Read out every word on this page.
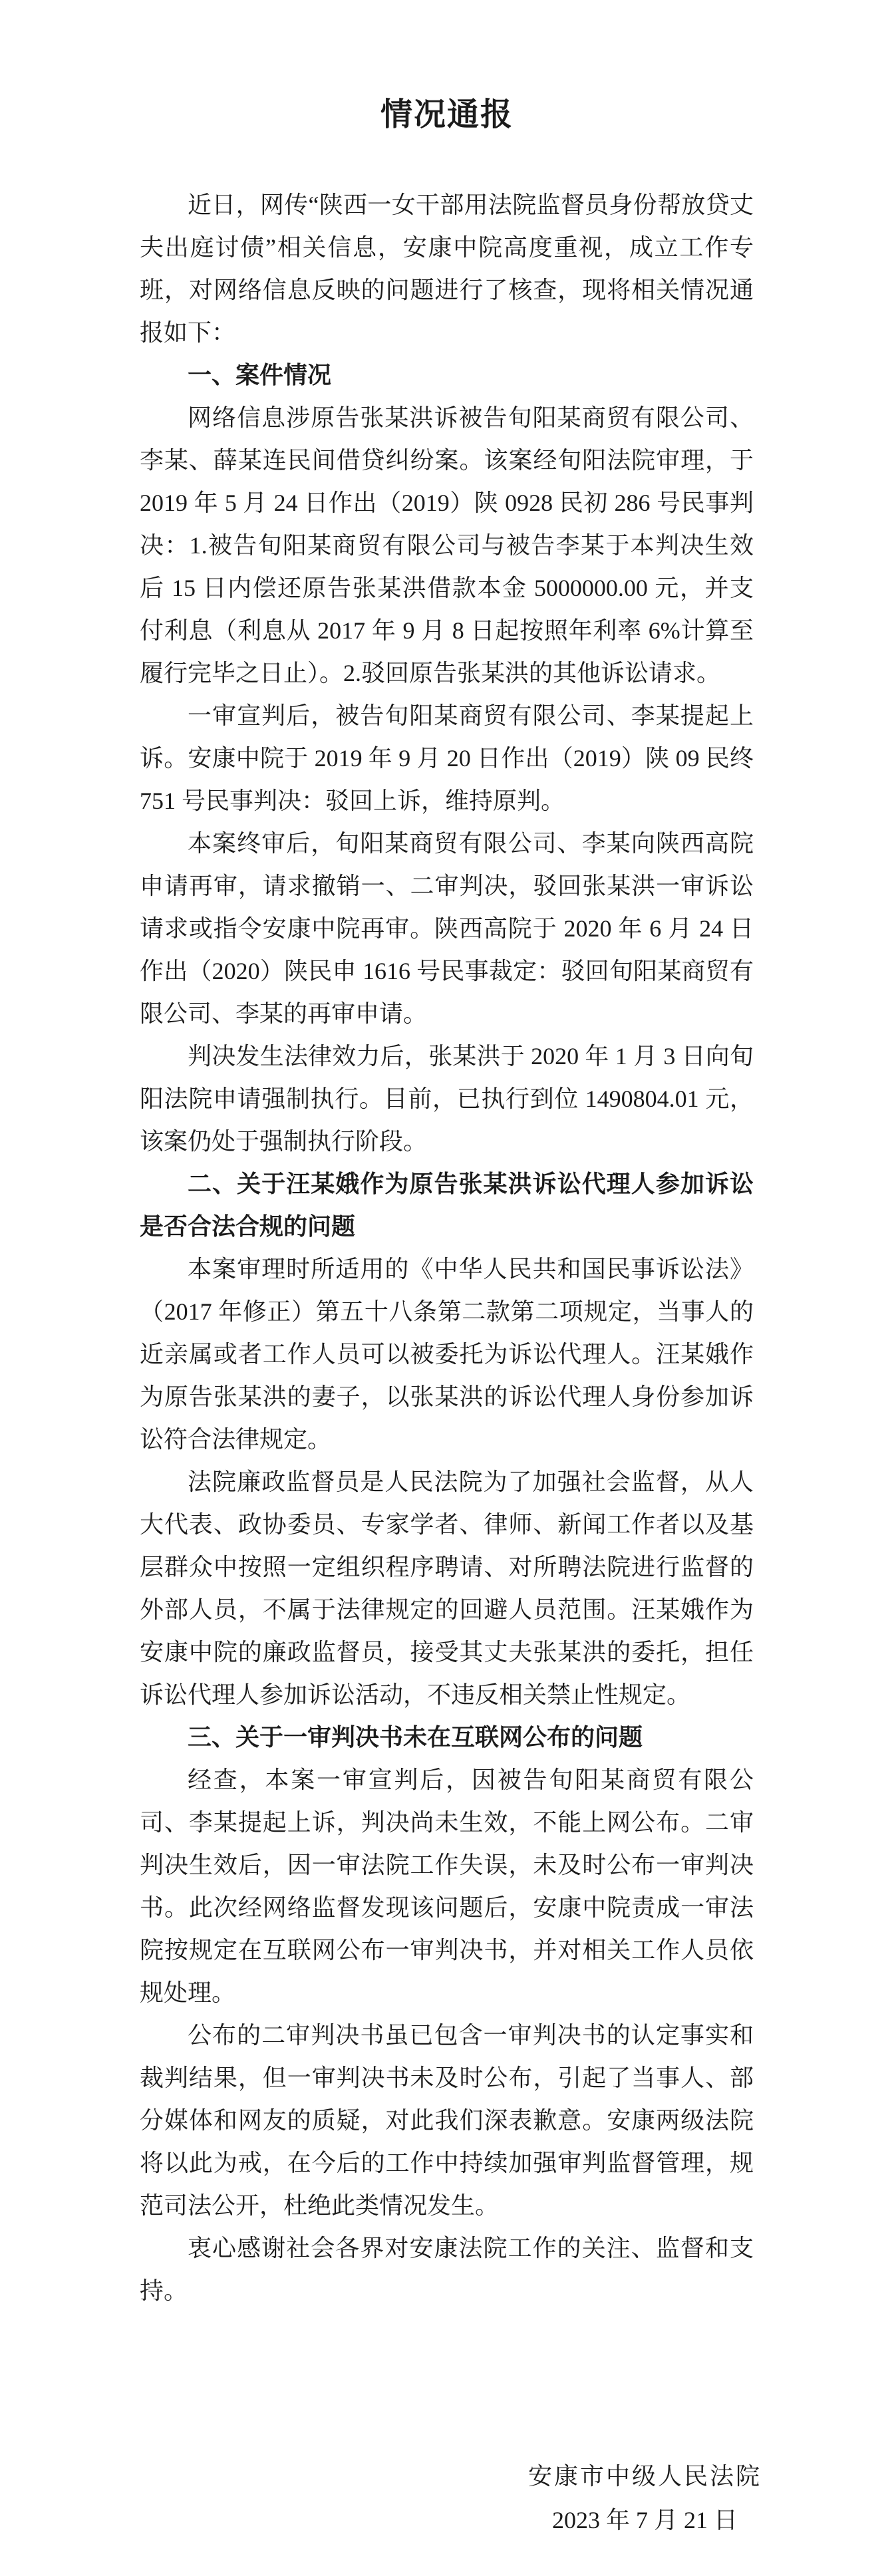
情况通报

近日，网传“陕西一女干部用法院监督员身份帮放贷丈夫出庭讨债”相关信息，安康中院高度重视，成立工作专班，对网络信息反映的问题进行了核查，现将相关情况通报如下：

一、案件情况

网络信息涉原告张某洪诉被告旬阳某商贸有限公司、李某、薛某连民间借贷纠纷案。该案经旬阳法院审理，于 2019 年 5 月 24 日作出（2019）陕 0928 民初 286 号民事判决：1.被告旬阳某商贸有限公司与被告李某于本判决生效后 15 日内偿还原告张某洪借款本金 5000000.00 元，并支付利息（利息从 2017 年 9 月 8 日起按照年利率 6%计算至履行完毕之日止）。2.驳回原告张某洪的其他诉讼请求。

一审宣判后，被告旬阳某商贸有限公司、李某提起上诉。安康中院于 2019 年 9 月 20 日作出（2019）陕 09 民终 751 号民事判决：驳回上诉，维持原判。

本案终审后，旬阳某商贸有限公司、李某向陕西高院申请再审，请求撤销一、二审判决，驳回张某洪一审诉讼请求或指令安康中院再审。陕西高院于 2020 年 6 月 24 日作出（2020）陕民申 1616 号民事裁定：驳回旬阳某商贸有限公司、李某的再审申请。

判决发生法律效力后，张某洪于 2020 年 1 月 3 日向旬阳法院申请强制执行。目前，已执行到位 1490804.01 元，该案仍处于强制执行阶段。

二、关于汪某娥作为原告张某洪诉讼代理人参加诉讼是否合法合规的问题

本案审理时所适用的《中华人民共和国民事诉讼法》（2017 年修正）第五十八条第二款第二项规定，当事人的近亲属或者工作人员可以被委托为诉讼代理人。汪某娥作为原告张某洪的妻子，以张某洪的诉讼代理人身份参加诉讼符合法律规定。

法院廉政监督员是人民法院为了加强社会监督，从人大代表、政协委员、专家学者、律师、新闻工作者以及基层群众中按照一定组织程序聘请、对所聘法院进行监督的外部人员，不属于法律规定的回避人员范围。汪某娥作为安康中院的廉政监督员，接受其丈夫张某洪的委托，担任诉讼代理人参加诉讼活动，不违反相关禁止性规定。

三、关于一审判决书未在互联网公布的问题

经查，本案一审宣判后，因被告旬阳某商贸有限公司、李某提起上诉，判决尚未生效，不能上网公布。二审判决生效后，因一审法院工作失误，未及时公布一审判决书。此次经网络监督发现该问题后，安康中院责成一审法院按规定在互联网公布一审判决书，并对相关工作人员依规处理。

公布的二审判决书虽已包含一审判决书的认定事实和裁判结果，但一审判决书未及时公布，引起了当事人、部分媒体和网友的质疑，对此我们深表歉意。安康两级法院将以此为戒，在今后的工作中持续加强审判监督管理，规范司法公开，杜绝此类情况发生。

衷心感谢社会各界对安康法院工作的关注、监督和支持。

安康市中级人民法院
2023 年 7 月 21 日
